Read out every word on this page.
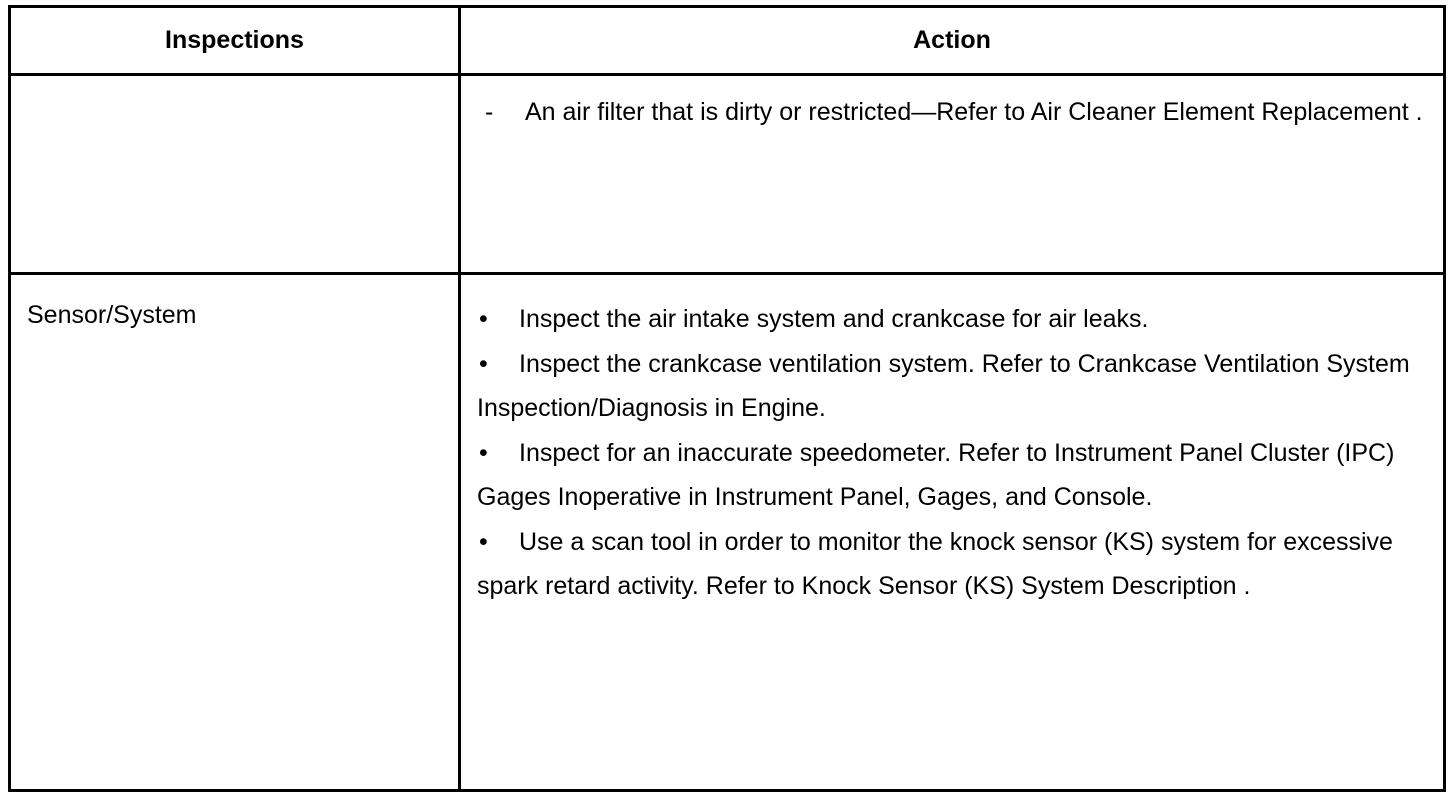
Inspections	Action

	- An air filter that is dirty or restricted—Refer to Air Cleaner Element Replacement .

Sensor/System	• Inspect the air intake system and crankcase for air leaks.

• Inspect the crankcase ventilation system. Refer to Crankcase Ventilation System Inspection/Diagnosis in Engine.

• Inspect for an inaccurate speedometer. Refer to Instrument Panel Cluster (IPC) Gages Inoperative in Instrument Panel, Gages, and Console.

• Use a scan tool in order to monitor the knock sensor (KS) system for excessive spark retard activity. Refer to Knock Sensor (KS) System Description .
